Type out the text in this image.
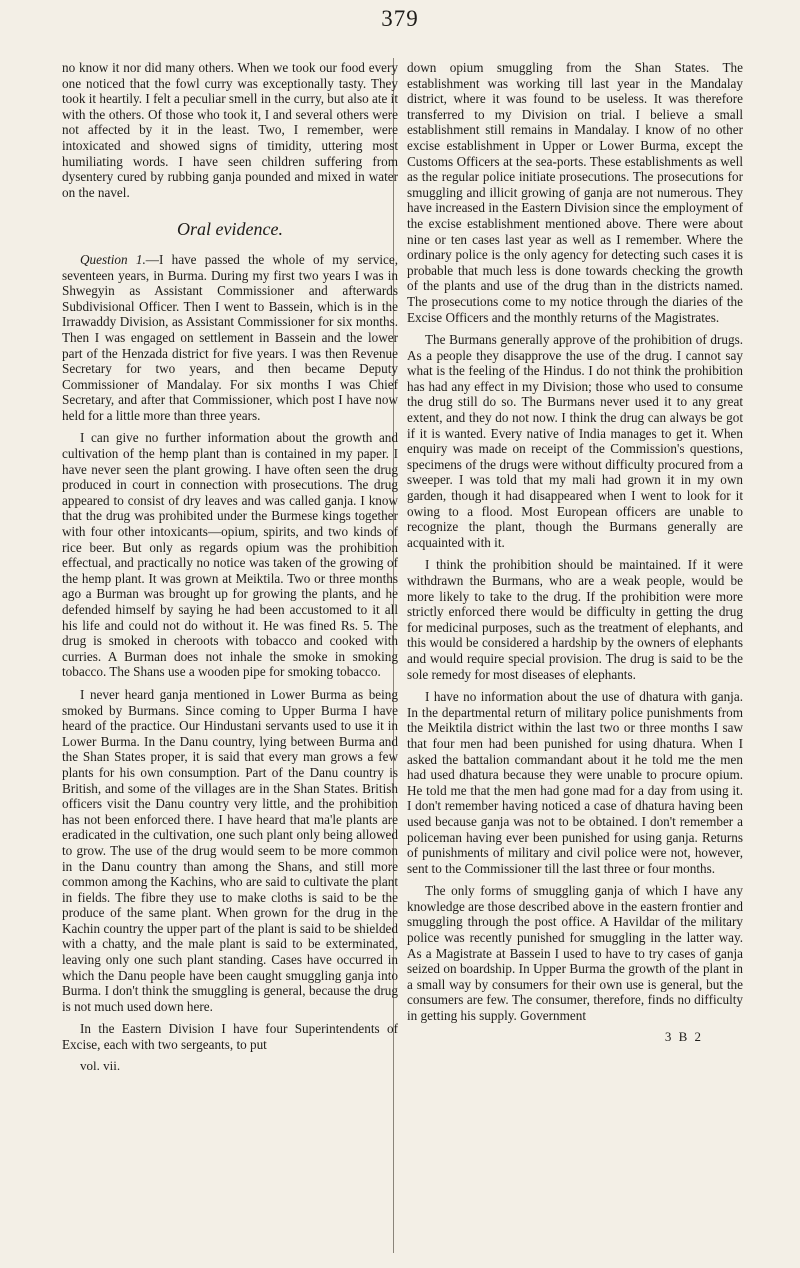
379

no know it nor did many others. When we took our food every one noticed that the fowl curry was exceptionally tasty. They took it heartily. I felt a peculiar smell in the curry, but also ate it with the others. Of those who took it, I and several others were not affected by it in the least. Two, I remember, were intoxicated and showed signs of timidity, uttering most humiliating words. I have seen children suffering from dysentery cured by rubbing ganja pounded and mixed in water on the navel.

Oral evidence.

Question 1.—I have passed the whole of my service, seventeen years, in Burma. During my first two years I was in Shwegyin as Assistant Commissioner and afterwards Subdivisional Officer. Then I went to Bassein, which is in the Irrawaddy Division, as Assistant Commissioner for six months. Then I was engaged on settlement in Bassein and the lower part of the Henzada district for five years. I was then Revenue Secretary for two years, and then became Deputy Commissioner of Mandalay. For six months I was Chief Secretary, and after that Commissioner, which post I have now held for a little more than three years.

I can give no further information about the growth and cultivation of the hemp plant than is contained in my paper. I have never seen the plant growing. I have often seen the drug produced in court in connection with prosecutions. The drug appeared to consist of dry leaves and was called ganja. I know that the drug was prohibited under the Burmese kings together with four other intoxicants—opium, spirits, and two kinds of rice beer. But only as regards opium was the prohibition effectual, and practically no notice was taken of the growing of the hemp plant. It was grown at Meiktila. Two or three months ago a Burman was brought up for growing the plants, and he defended himself by saying he had been accustomed to it all his life and could not do without it. He was fined Rs. 5. The drug is smoked in cheroots with tobacco and cooked with curries. A Burman does not inhale the smoke in smoking tobacco. The Shans use a wooden pipe for smoking tobacco.

I never heard ganja mentioned in Lower Burma as being smoked by Burmans. Since coming to Upper Burma I have heard of the practice. Our Hindustani servants used to use it in Lower Burma. In the Danu country, lying between Burma and the Shan States proper, it is said that every man grows a few plants for his own consumption. Part of the Danu country is British, and some of the villages are in the Shan States. British officers visit the Danu country very little, and the prohibition has not been enforced there. I have heard that ma'le plants are eradicated in the cultivation, one such plant only being allowed to grow. The use of the drug would seem to be more common in the Danu country than among the Shans, and still more common among the Kachins, who are said to cultivate the plant in fields. The fibre they use to make cloths is said to be the produce of the same plant. When grown for the drug in the Kachin country the upper part of the plant is said to be shielded with a chatty, and the male plant is said to be exterminated, leaving only one such plant standing. Cases have occurred in which the Danu people have been caught smuggling ganja into Burma. I don't think the smuggling is general, because the drug is not much used down here.

In the Eastern Division I have four Superintendents of Excise, each with two sergeants, to put

vol. vii.

down opium smuggling from the Shan States. The establishment was working till last year in the Mandalay district, where it was found to be useless. It was therefore transferred to my Division on trial. I believe a small establishment still remains in Mandalay. I know of no other excise establishment in Upper or Lower Burma, except the Customs Officers at the sea-ports. These establishments as well as the regular police initiate prosecutions. The prosecutions for smuggling and illicit growing of ganja are not numerous. They have increased in the Eastern Division since the employment of the excise establishment mentioned above. There were about nine or ten cases last year as well as I remember. Where the ordinary police is the only agency for detecting such cases it is probable that much less is done towards checking the growth of the plants and use of the drug than in the districts named. The prosecutions come to my notice through the diaries of the Excise Officers and the monthly returns of the Magistrates.

The Burmans generally approve of the prohibition of drugs. As a people they disapprove the use of the drug. I cannot say what is the feeling of the Hindus. I do not think the prohibition has had any effect in my Division; those who used to consume the drug still do so. The Burmans never used it to any great extent, and they do not now. I think the drug can always be got if it is wanted. Every native of India manages to get it. When enquiry was made on receipt of the Commission's questions, specimens of the drugs were without difficulty procured from a sweeper. I was told that my mali had grown it in my own garden, though it had disappeared when I went to look for it owing to a flood. Most European officers are unable to recognize the plant, though the Burmans generally are acquainted with it.

I think the prohibition should be maintained. If it were withdrawn the Burmans, who are a weak people, would be more likely to take to the drug. If the prohibition were more strictly enforced there would be difficulty in getting the drug for medicinal purposes, such as the treatment of elephants, and this would be considered a hardship by the owners of elephants and would require special provision. The drug is said to be the sole remedy for most diseases of elephants.

I have no information about the use of dhatura with ganja. In the departmental return of military police punishments from the Meiktila district within the last two or three months I saw that four men had been punished for using dhatura. When I asked the battalion commandant about it he told me the men had used dhatura because they were unable to procure opium. He told me that the men had gone mad for a day from using it. I don't remember having noticed a case of dhatura having been used because ganja was not to be obtained. I don't remember a policeman having ever been punished for using ganja. Returns of punishments of military and civil police were not, however, sent to the Commissioner till the last three or four months.

The only forms of smuggling ganja of which I have any knowledge are those described above in the eastern frontier and smuggling through the post office. A Havildar of the military police was recently punished for smuggling in the latter way. As a Magistrate at Bassein I used to have to try cases of ganja seized on boardship. In Upper Burma the growth of the plant in a small way by consumers for their own use is general, but the consumers are few. The consumer, therefore, finds no difficulty in getting his supply. Government

3 B 2
